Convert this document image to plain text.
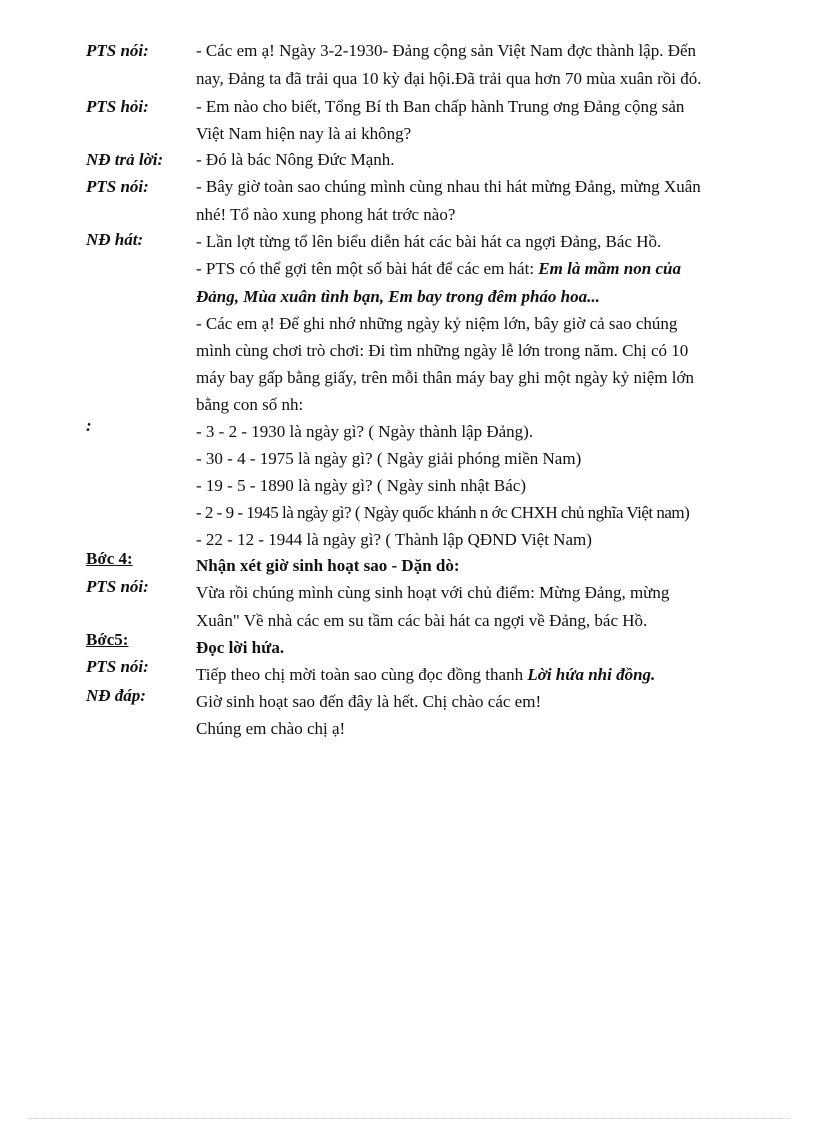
PTS nói:
PTS hỏi:
NĐ trả lời:
PTS nói:
NĐ hát:
:
Bớc 4:
PTS nói:
Bớc5:
PTS nói:
NĐ đáp:
- Các em ạ! Ngày 3-2-1930- Đảng cộng sản Việt Nam đợc thành lập. Đến
nay, Đảng ta đã trải qua 10 kỳ đại hội.Đã trải qua hơn 70 mùa xuân rồi đó.
- Em nào cho biết, Tổng Bí th Ban chấp hành Trung ơng Đảng cộng sản
Việt Nam hiện nay là ai không?
- Đó là bác Nông Đức Mạnh.
- Bây giờ toàn sao chúng mình cùng nhau thi hát mừng Đảng, mừng Xuân
nhé! Tổ nào xung phong hát trớc nào?
- Lần lợt từng tổ lên biểu diễn hát các bài hát ca ngợi Đảng, Bác Hồ.
- PTS có thể gợi tên một số bài hát để các em hát: Em là mầm non của
Đảng, Mùa xuân tình bạn, Em bay trong đêm pháo hoa...
- Các em ạ! Để ghi nhớ những ngày kỷ niệm lớn, bây giờ cả sao chúng
mình cùng chơi trò chơi: Đi tìm những ngày lễ lớn trong năm. Chị có 10
máy bay gấp bằng giấy, trên mỗi thân máy bay ghi một ngày kỷ niệm lớn
bằng con số nh:
- 3 - 2 - 1930 là ngày gì? ( Ngày thành lập Đảng).
- 30 - 4 - 1975 là ngày gì? ( Ngày giải phóng miền Nam)
- 19 - 5 - 1890 là ngày gì? ( Ngày sinh nhật Bác)
- 2 - 9 - 1945 là ngày gì? ( Ngày quốc khánh n ớc CHXH chủ nghĩa Việt nam)
- 22 - 12 - 1944 là ngày gì? ( Thành lập QĐND Việt Nam)
Nhận xét giờ sinh hoạt sao - Dặn dò:
Vừa rồi chúng mình cùng sinh hoạt với chủ điểm: Mừng Đảng, mừng
Xuân" Về nhà các em su tầm các bài hát ca ngợi về Đảng, bác Hồ.
Đọc lời hứa.
Tiếp theo chị mời toàn sao cùng đọc đồng thanh Lời hứa nhi đồng.
Giờ sinh hoạt sao đến đây là hết. Chị chào các em!
Chúng em chào chị ạ!
